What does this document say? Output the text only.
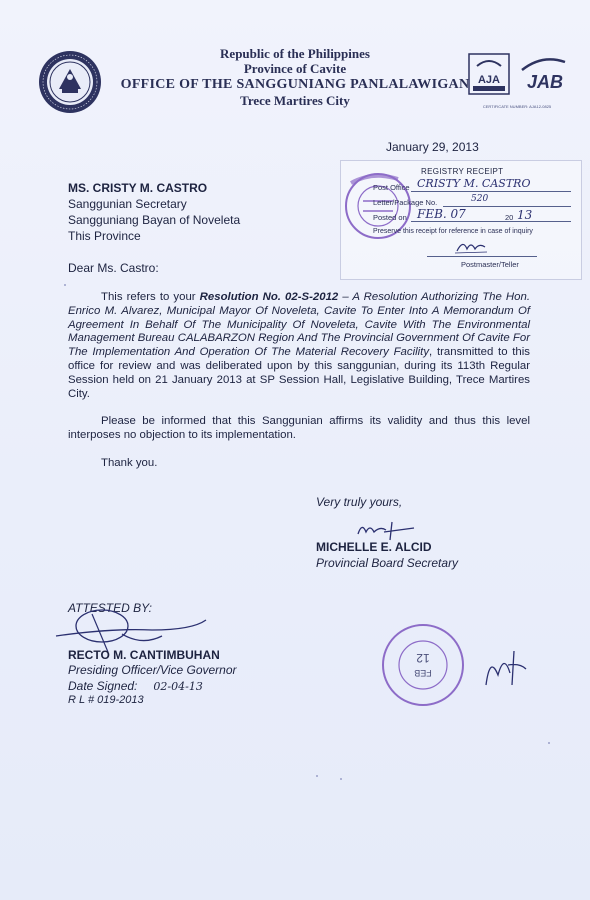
Republic of the Philippines
Province of Cavite
OFFICE OF THE SANGGUNIANG PANLALAWIGAN
Trece Martires City
AJA JAB
CERTIFICATE NUMBER: AJA12-0825
January 29, 2013
MS. CRISTY M. CASTRO
Sanggunian Secretary
Sangguniang Bayan of Noveleta
This Province
Dear Ms. Castro:
REGISTRY RECEIPT
Post Office CRISTY M. CASTRO
Letter/Package No.	520
Posted on FEB. 07	20 13
Preserve this receipt for reference in case of inquiry
Postmaster/Teller

This refers to your Resolution No. 02-S-2012 – A Resolution Authorizing The Hon. Enrico M. Alvarez, Municipal Mayor Of Noveleta, Cavite To Enter Into A Memorandum Of Agreement In Behalf Of The Municipality Of Noveleta, Cavite With The Environmental Management Bureau CALABARZON Region And The Provincial Government Of Cavite For The Implementation And Operation Of The Material Recovery Facility, transmitted to this office for review and was deliberated upon by this sanggunian, during its 113th Regular Session held on 21 January 2013 at SP Session Hall, Legislative Building, Trece Martires City.

Please be informed that this Sanggunian affirms its validity and thus this level interposes no objection to its implementation.

Thank you.

Very truly yours,
MICHELLE E. ALCID
Provincial Board Secretary
ATTESTED BY:
RECTO M. CANTIMBUHAN
Presiding Officer/Vice Governor
Date Signed: 02-04-13
R L # 019-2013
FEB
12
